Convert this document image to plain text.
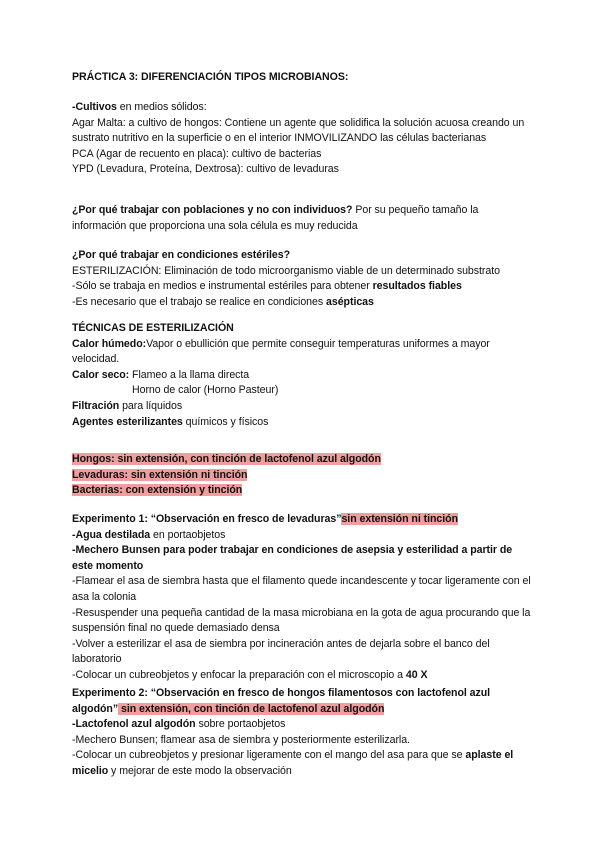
PRÁCTICA 3: DIFERENCIACIÓN TIPOS MICROBIANOS:

-Cultivos en medios sólidos:

Agar Malta: a cultivo de hongos: Contiene un agente que solidifica la solución acuosa creando un sustrato nutritivo en la superficie o en el interior INMOVILIZANDO las células bacterianas

PCA (Agar de recuento en placa): cultivo de bacterias

YPD (Levadura, Proteína, Dextrosa): cultivo de levaduras

¿Por qué trabajar con poblaciones y no con individuos? Por su pequeño tamaño la información que proporciona una sola célula es muy reducida

¿Por qué trabajar en condiciones estériles?

ESTERILIZACIÓN: Eliminación de todo microorganismo viable de un determinado substrato

-Sólo se trabaja en medios e instrumental estériles para obtener resultados fiables

-Es necesario que el trabajo se realice en condiciones asépticas

TÉCNICAS DE ESTERILIZACIÓN

Calor húmedo:Vapor o ebullición que permite conseguir temperaturas uniformes a mayor velocidad.

Calor seco: Flameo a la llama directa

Horno de calor (Horno Pasteur)

Filtración para líquidos

Agentes esterilizantes químicos y físicos

Hongos: sin extensión, con tinción de lactofenol azul algodón

Levaduras: sin extensión ni tinción

Bacterias: con extensión y tinción

Experimento 1: “Observación en fresco de levaduras”sin extensión ni tinción

-Agua destilada en portaobjetos

-Mechero Bunsen para poder trabajar en condiciones de asepsia y esterilidad a partir de este momento

-Flamear el asa de siembra hasta que el filamento quede incandescente y tocar ligeramente con el asa la colonia

-Resuspender una pequeña cantidad de la masa microbiana en la gota de agua procurando que la suspensión final no quede demasiado densa

-Volver a esterilizar el asa de siembra por incineración antes de dejarla sobre el banco del laboratorio

-Colocar un cubreobjetos y enfocar la preparación con el microscopio a 40 X

Experimento 2: “Observación en fresco de hongos filamentosos con lactofenol azul algodón” sin extensión, con tinción de lactofenol azul algodón

-Lactofenol azul algodón sobre portaobjetos

-Mechero Bunsen; flamear asa de siembra y posteriormente esterilizarla.

-Colocar un cubreobjetos y presionar ligeramente con el mango del asa para que se aplaste el micelio y mejorar de este modo la observación
